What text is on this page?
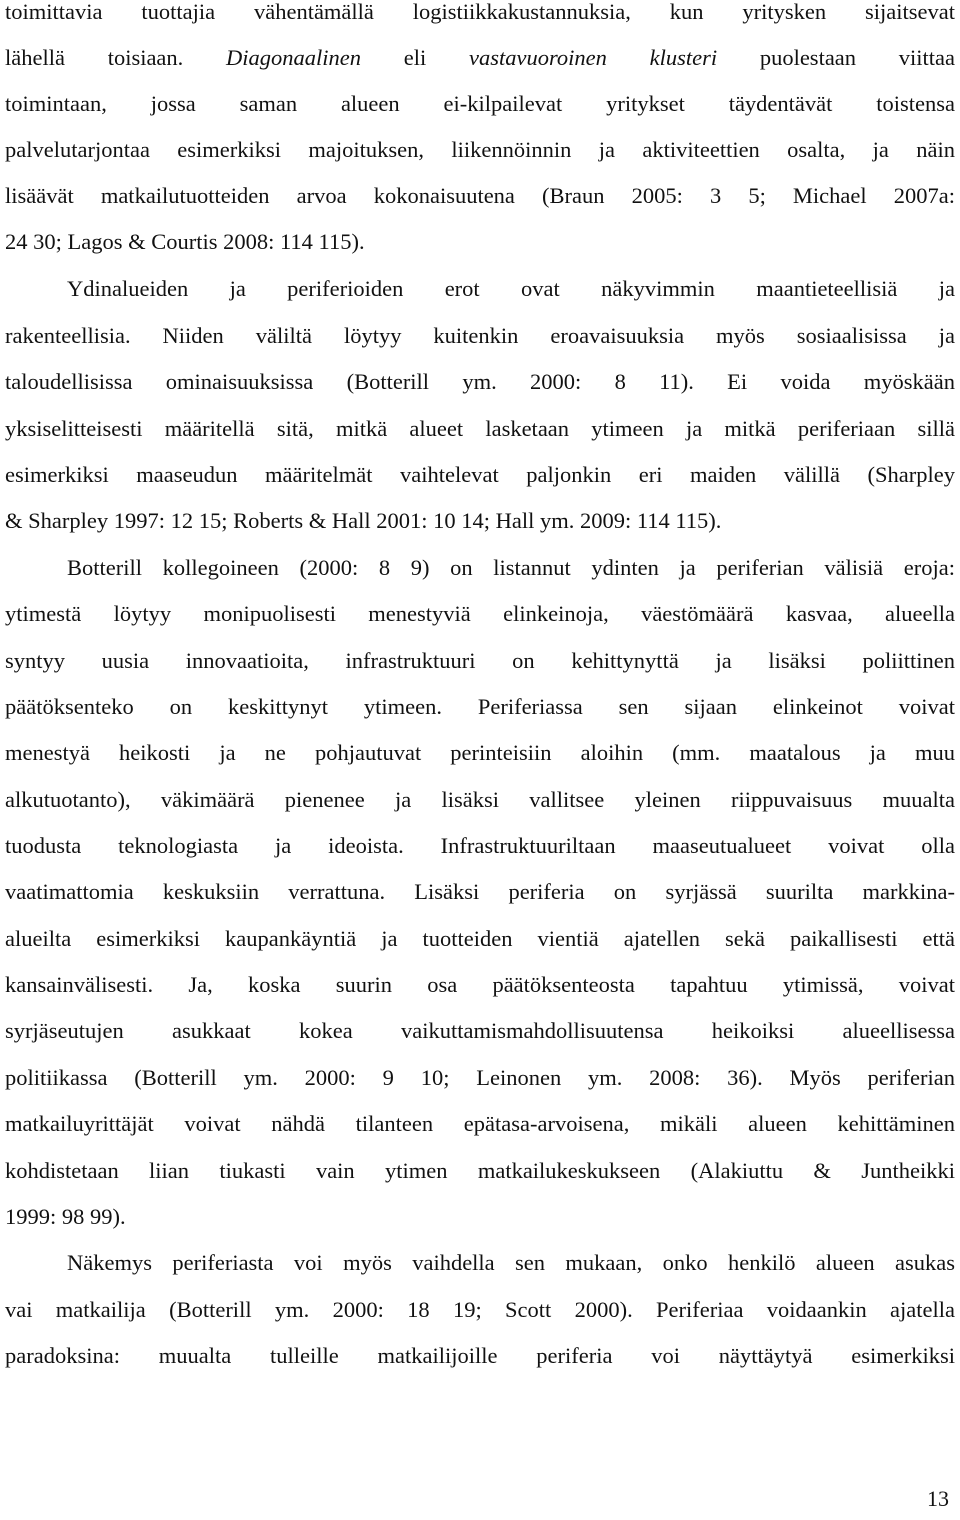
toimittavia tuottajia vähentämällä logistiikkakustannuksia, kun yritysken sijaitsevat
lähellä toisiaan. Diagonaalinen eli vastavuoroinen klusteri puolestaan viittaa
toimintaan, jossa saman alueen ei-kilpailevat yritykset täydentävät toistensa
palvelutarjontaa esimerkiksi majoituksen, liikennöinnin ja aktiviteettien osalta, ja näin
lisäävät matkailutuotteiden arvoa kokonaisuutena (Braun 2005: 3 5; Michael 2007a:
24 30; Lagos & Courtis 2008: 114 115).
Ydinalueiden ja periferioiden erot ovat näkyvimmin maantieteellisiä ja
rakenteellisia. Niiden väliltä löytyy kuitenkin eroavaisuuksia myös sosiaalisissa ja
taloudellisissa ominaisuuksissa (Botterill ym. 2000: 8 11). Ei voida myöskään
yksiselitteisesti määritellä sitä, mitkä alueet lasketaan ytimeen ja mitkä periferiaan sillä
esimerkiksi maaseudun määritelmät vaihtelevat paljonkin eri maiden välillä (Sharpley
& Sharpley 1997: 12 15; Roberts & Hall 2001: 10 14; Hall ym. 2009: 114 115).
Botterill kollegoineen (2000: 8 9) on listannut ydinten ja periferian välisiä eroja:
ytimestä löytyy monipuolisesti menestyviä elinkeinoja, väestömäärä kasvaa, alueella
syntyy uusia innovaatioita, infrastruktuuri on kehittynyttä ja lisäksi poliittinen
päätöksenteko on keskittynyt ytimeen. Periferiassa sen sijaan elinkeinot voivat
menestyä heikosti ja ne pohjautuvat perinteisiin aloihin (mm. maatalous ja muu
alkutuotanto), väkimäärä pienenee ja lisäksi vallitsee yleinen riippuvaisuus muualta
tuodusta teknologiasta ja ideoista. Infrastruktuuriltaan maaseutualueet voivat olla
vaatimattomia keskuksiin verrattuna. Lisäksi periferia on syrjässä suurilta markkina-
alueilta esimerkiksi kaupankäyntiä ja tuotteiden vientiä ajatellen sekä paikallisesti että
kansainvälisesti. Ja, koska suurin osa päätöksenteosta tapahtuu ytimissä, voivat
syrjäseutujen asukkaat kokea vaikuttamismahdollisuutensa heikoiksi alueellisessa
politiikassa (Botterill ym. 2000: 9 10; Leinonen ym. 2008: 36). Myös periferian
matkailuyrittäjät voivat nähdä tilanteen epätasa-arvoisena, mikäli alueen kehittäminen
kohdistetaan liian tiukasti vain ytimen matkailukeskukseen (Alakiuttu & Juntheikki
1999: 98 99).
Näkemys periferiasta voi myös vaihdella sen mukaan, onko henkilö alueen asukas
vai matkailija (Botterill ym. 2000: 18 19; Scott 2000). Periferiaa voidaankin ajatella
paradoksina: muualta tulleille matkailijoille periferia voi näyttäytyä esimerkiksi
13
